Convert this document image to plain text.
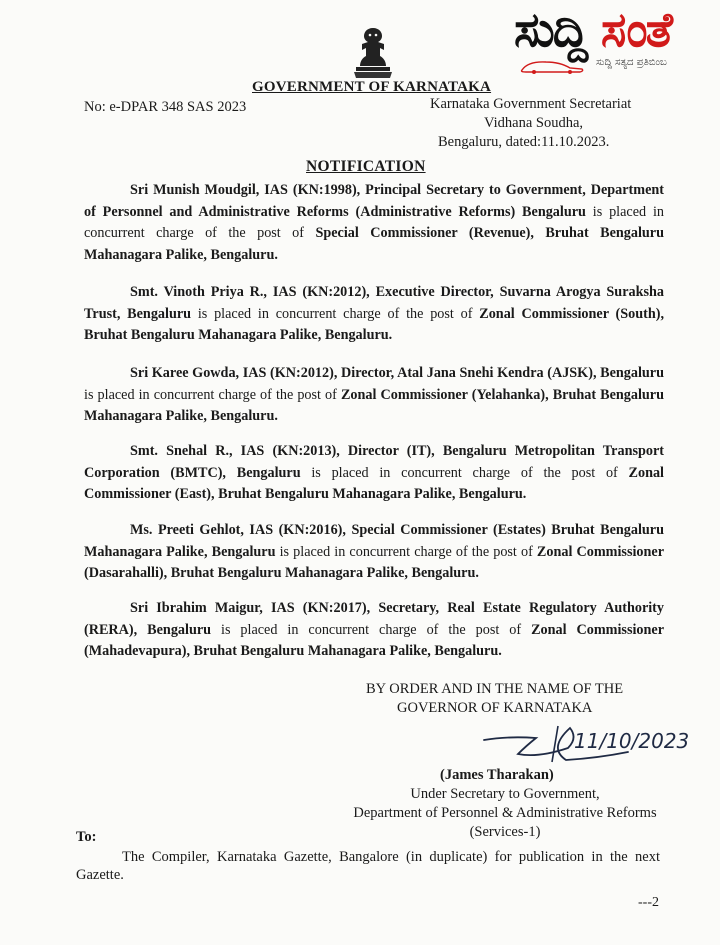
ಸುದ್ದಿ ಸಂತೆ
ಸುದ್ದಿ ಸತ್ಯದ ಪ್ರತಿಬಿಂಬ
GOVERNMENT OF KARNATAKA
No: e-DPAR 348 SAS 2023	Karnataka Government Secretariat
Vidhana Soudha,
Bengaluru, dated:11.10.2023.
NOTIFICATION
Sri Munish Moudgil, IAS (KN:1998), Principal Secretary to Government, Department of Personnel and Administrative Reforms (Administrative Reforms) Bengaluru is placed in concurrent charge of the post of Special Commissioner (Revenue), Bruhat Bengaluru Mahanagara Palike, Bengaluru.
Smt. Vinoth Priya R., IAS (KN:2012), Executive Director, Suvarna Arogya Suraksha Trust, Bengaluru is placed in concurrent charge of the post of Zonal Commissioner (South), Bruhat Bengaluru Mahanagara Palike, Bengaluru.
Sri Karee Gowda, IAS (KN:2012), Director, Atal Jana Snehi Kendra (AJSK), Bengaluru is placed in concurrent charge of the post of Zonal Commissioner (Yelahanka), Bruhat Bengaluru Mahanagara Palike, Bengaluru.
Smt. Snehal R., IAS (KN:2013), Director (IT), Bengaluru Metropolitan Transport Corporation (BMTC), Bengaluru is placed in concurrent charge of the post of Zonal Commissioner (East), Bruhat Bengaluru Mahanagara Palike, Bengaluru.
Ms. Preeti Gehlot, IAS (KN:2016), Special Commissioner (Estates) Bruhat Bengaluru Mahanagara Palike, Bengaluru is placed in concurrent charge of the post of Zonal Commissioner (Dasarahalli), Bruhat Bengaluru Mahanagara Palike, Bengaluru.
Sri Ibrahim Maigur, IAS (KN:2017), Secretary, Real Estate Regulatory Authority (RERA), Bengaluru is placed in concurrent charge of the post of Zonal Commissioner (Mahadevapura), Bruhat Bengaluru Mahanagara Palike, Bengaluru.
BY ORDER AND IN THE NAME OF THE
GOVERNOR OF KARNATAKA
11/10/2023
(James Tharakan)
Under Secretary to Government,
Department of Personnel & Administrative Reforms
(Services-1)
To:
The Compiler, Karnataka Gazette, Bangalore (in duplicate) for publication in the next Gazette.
---2
